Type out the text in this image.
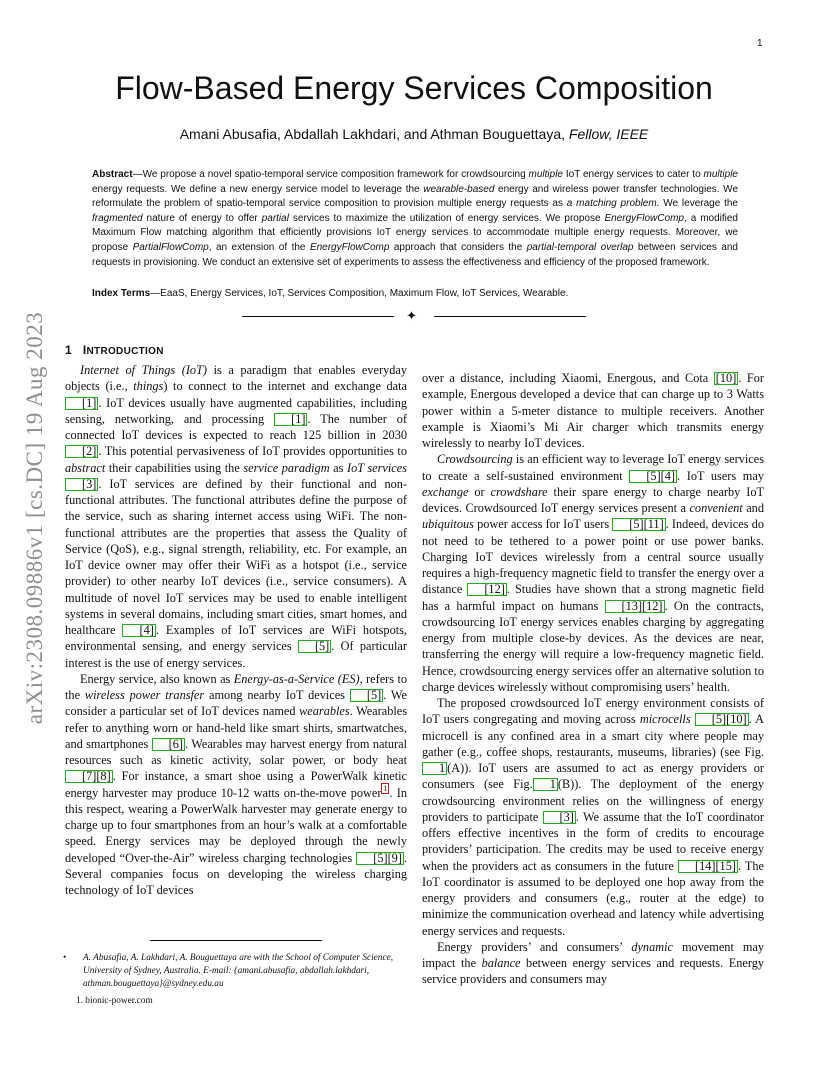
1
arXiv:2308.09886v1 [cs.DC] 19 Aug 2023
Flow-Based Energy Services Composition
Amani Abusafia, Abdallah Lakhdari, and Athman Bouguettaya, Fellow, IEEE
Abstract—We propose a novel spatio-temporal service composition framework for crowdsourcing multiple IoT energy services to cater to multiple energy requests. We define a new energy service model to leverage the wearable-based energy and wireless power transfer technologies. We reformulate the problem of spatio-temporal service composition to provision multiple energy requests as a matching problem. We leverage the fragmented nature of energy to offer partial services to maximize the utilization of energy services. We propose EnergyFlowComp, a modified Maximum Flow matching algorithm that efficiently provisions IoT energy services to accommodate multiple energy requests. Moreover, we propose PartialFlowComp, an extension of the EnergyFlowComp approach that considers the partial-temporal overlap between services and requests in provisioning. We conduct an extensive set of experiments to assess the effectiveness and efficiency of the proposed framework.
Index Terms—EaaS, Energy Services, IoT, Services Composition, Maximum Flow, IoT Services, Wearable.
✦
1 INTRODUCTION

Internet of Things (IoT) is a paradigm that enables everyday objects (i.e., things) to connect to the internet and exchange data [1] . IoT devices usually have augmented capabilities, including sensing, networking, and processing [1] . The number of connected IoT devices is expected to reach 125 billion in 2030 [2] . This potential pervasiveness of IoT provides opportunities to abstract their capabilities using the service paradigm as IoT services [3] . IoT services are defined by their functional and non-functional attributes. The functional attributes define the purpose of the service, such as sharing internet access using WiFi. The non-functional attributes are the properties that assess the Quality of Service (QoS), e.g., signal strength, reliability, etc. For example, an IoT device owner may offer their WiFi as a hotspot (i.e., service provider) to other nearby IoT devices (i.e., service consumers). A multitude of novel IoT services may be used to enable intelligent systems in several domains, including smart cities, smart homes, and healthcare [4] . Examples of IoT services are WiFi hotspots, environmental sensing, and energy services [5] . Of particular interest is the use of energy services.

Energy service, also known as Energy-as-a-Service (ES), refers to the wireless power transfer among nearby IoT devices [5] . We consider a particular set of IoT devices named wearables. Wearables refer to anything worn or hand-held like smart shirts, smartwatches, and smartphones [6] . Wearables may harvest energy from natural resources such as kinetic activity, solar power, or body heat [7][8] . For instance, a smart shoe using a PowerWalk kinetic energy harvester may produce 10-12 watts on-the-move power $^1$ . In this respect, wearing a PowerWalk harvester may generate energy to charge up to four smartphones from an hour’s walk at a comfortable speed. Energy services may be deployed through the newly developed “Over-the-Air” wireless charging technologies [5][9] . Several companies focus on developing the wireless charging technology of IoT devices

over a distance, including Xiaomi, Energous, and Cota [10] . For example, Energous developed a device that can charge up to 3 Watts power within a 5-meter distance to multiple receivers. Another example is Xiaomi’s Mi Air charger which transmits energy wirelessly to nearby IoT devices.

Crowdsourcing is an efficient way to leverage IoT energy services to create a self-sustained environment [5][4] . IoT users may exchange or crowdshare their spare energy to charge nearby IoT devices. Crowdsourced IoT energy services present a convenient and ubiquitous power access for IoT users [5][11] . Indeed, devices do not need to be tethered to a power point or use power banks. Charging IoT devices wirelessly from a central source usually requires a high-frequency magnetic field to transfer the energy over a distance [12] . Studies have shown that a strong magnetic field has a harmful impact on humans [13][12] . On the contracts, crowdsourcing IoT energy services enables charging by aggregating energy from multiple close-by devices. As the devices are near, transferring the energy will require a low-frequency magnetic field. Hence, crowdsourcing energy services offer an alternative solution to charge devices wirelessly without compromising users’ health.

The proposed crowdsourced IoT energy environment consists of IoT users congregating and moving across microcells [5][10] . A microcell is any confined area in a smart city where people may gather (e.g., coffee shops, restaurants, museums, libraries) (see Fig.1 (A)). IoT users are assumed to act as energy providers or consumers (see Fig. 1 (B)). The deployment of the energy crowdsourcing environment relies on the willingness of energy providers to participate [3] . We assume that the IoT coordinator offers effective incentives in the form of credits to encourage providers’ participation. The credits may be used to receive energy when the providers act as consumers in the future [14][15] . The IoT coordinator is assumed to be deployed one hop away from the energy providers and consumers (e.g., router at the edge) to minimize the communication overhead and latency while advertising energy services and requests.

Energy providers’ and consumers’ dynamic movement may impact the balance between energy services and requests. Energy service providers and consumers may

• A. Abusafia, A. Lakhdari, A. Bouguettaya are with the School of Computer Science, University of Sydney, Australia. E-mail: {amani.abusafia, abdallah.lakhdari, athman.bouguettaya}@sydney.edu.au
1. bionic-power.com
